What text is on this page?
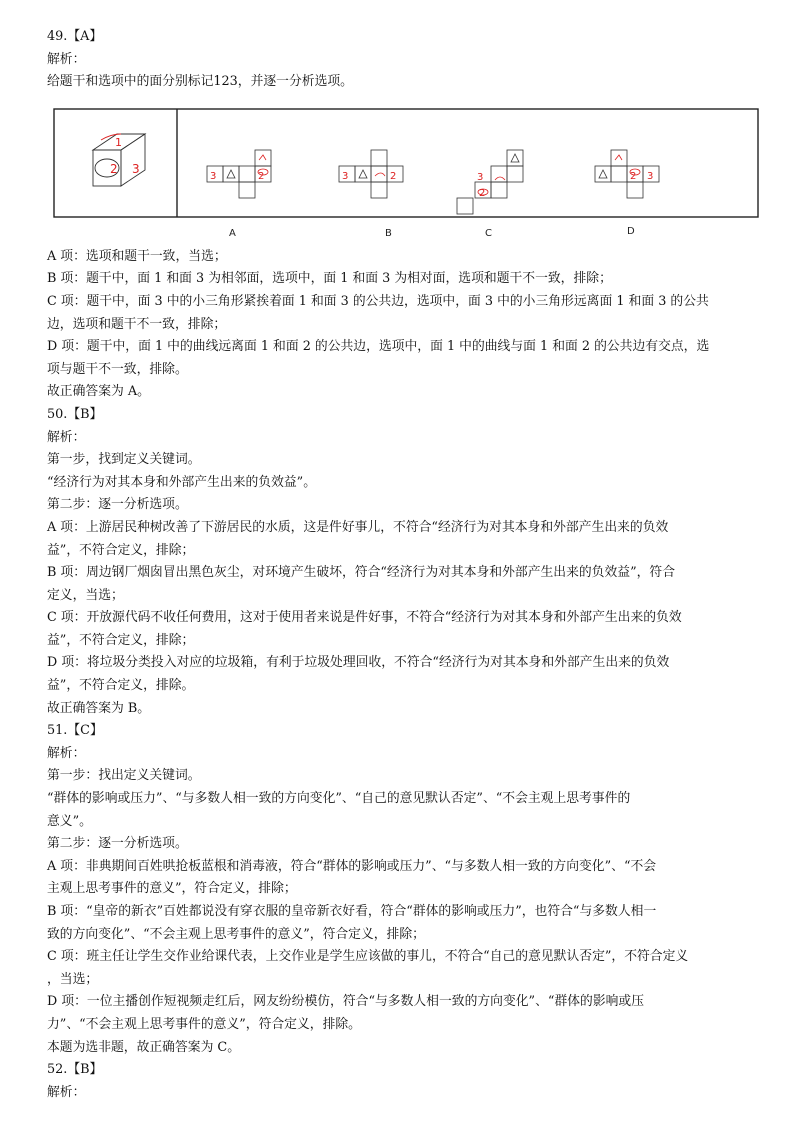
49.【A】
解析：
给题干和选项中的面分别标记123，并逐一分析选项。
1
2 3
3	2	3	2	3
2
2 3
A	B	C	D
A 项：选项和题干一致，当选；
B 项：题干中，面 1 和面 3 为相邻面，选项中，面 1 和面 3 为相对面，选项和题干不一致，排除；
C 项：题干中，面 3 中的小三角形紧挨着面 1 和面 3 的公共边，选项中，面 3 中的小三角形远离面 1 和面 3 的公共
边，选项和题干不一致，排除；
D 项：题干中，面 1 中的曲线远离面 1 和面 2 的公共边，选项中，面 1 中的曲线与面 1 和面 2 的公共边有交点，选
项与题干不一致，排除。
故正确答案为 A。
50.【B】
解析：
第一步，找到定义关键词。
“经济行为对其本身和外部产生出来的负效益”。
第二步：逐一分析选项。
A 项：上游居民种树改善了下游居民的水质，这是件好事儿，不符合“经济行为对其本身和外部产生出来的负效
益”，不符合定义，排除；
B 项：周边钢厂烟囱冒出黑色灰尘，对环境产生破坏，符合“经济行为对其本身和外部产生出来的负效益”，符合
定义，当选；
C 项：开放源代码不收任何费用，这对于使用者来说是件好事，不符合“经济行为对其本身和外部产生出来的负效
益”，不符合定义，排除；
D 项：将垃圾分类投入对应的垃圾箱，有利于垃圾处理回收，不符合“经济行为对其本身和外部产生出来的负效
益”，不符合定义，排除。
故正确答案为 B。
51.【C】
解析：
第一步：找出定义关键词。
“群体的影响或压力”、“与多数人相一致的方向变化”、“自己的意见默认否定”、“不会主观上思考事件的
意义”。
第二步：逐一分析选项。
A 项：非典期间百姓哄抢板蓝根和消毒液，符合“群体的影响或压力”、“与多数人相一致的方向变化”、“不会
主观上思考事件的意义”，符合定义，排除；
B 项：“皇帝的新衣”百姓都说没有穿衣服的皇帝新衣好看，符合“群体的影响或压力”，也符合“与多数人相一
致的方向变化”、“不会主观上思考事件的意义”，符合定义，排除；
C 项：班主任让学生交作业给课代表，上交作业是学生应该做的事儿，不符合“自己的意见默认否定”，不符合定义
，当选；
D 项：一位主播创作短视频走红后，网友纷纷模仿，符合“与多数人相一致的方向变化”、“群体的影响或压
力”、“不会主观上思考事件的意义”，符合定义，排除。
本题为选非题，故正确答案为 C。
52.【B】
解析：
